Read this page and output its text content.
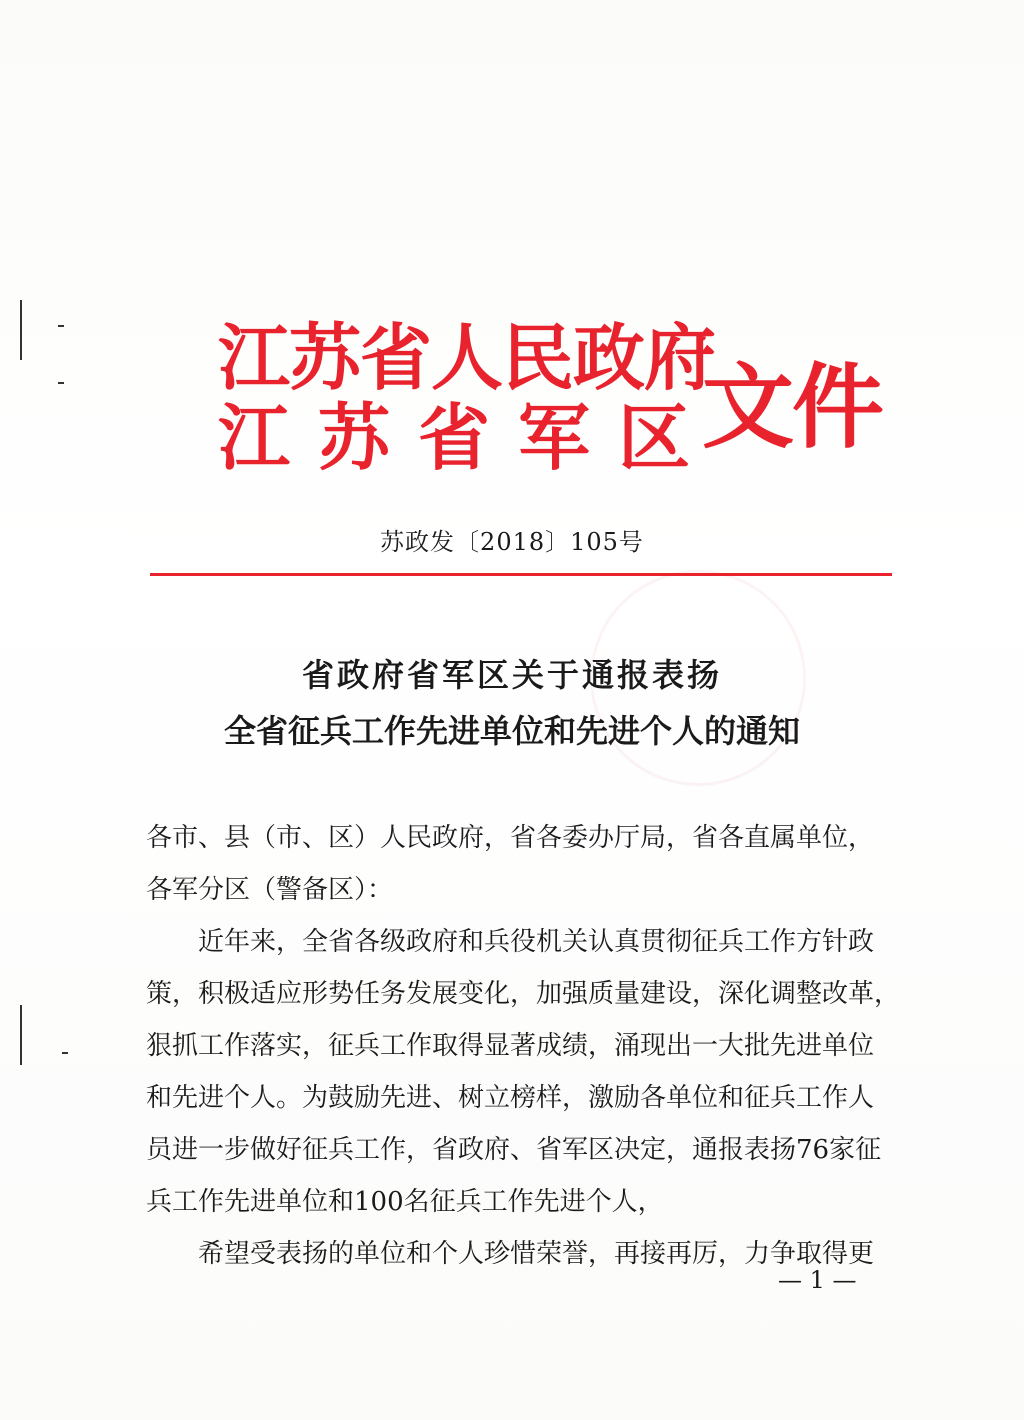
江苏省人民政府
江苏省军区
文件
苏政发〔2018〕105号
省政府省军区关于通报表扬
全省征兵工作先进单位和先进个人的通知
各市、县（市、区）人民政府，省各委办厅局，省各直属单位，
各军分区（警备区）：
近年来，全省各级政府和兵役机关认真贯彻征兵工作方针政
策，积极适应形势任务发展变化，加强质量建设，深化调整改革，
狠抓工作落实，征兵工作取得显著成绩，涌现出一大批先进单位
和先进个人。为鼓励先进、树立榜样，激励各单位和征兵工作人
员进一步做好征兵工作，省政府、省军区决定，通报表扬76家征
兵工作先进单位和100名征兵工作先进个人，
希望受表扬的单位和个人珍惜荣誉，再接再厉，力争取得更
— 1 —
